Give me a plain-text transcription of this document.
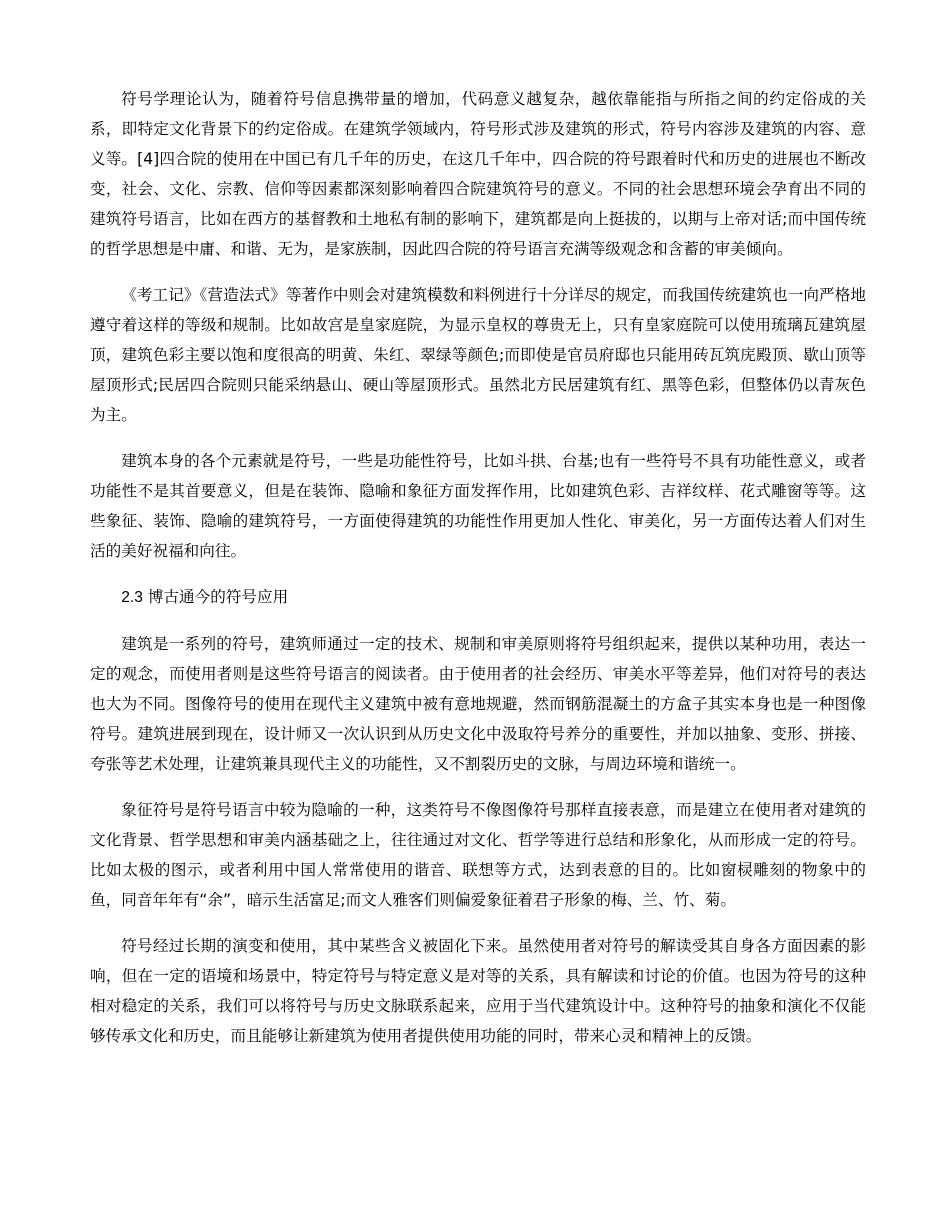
符号学理论认为，随着符号信息携带量的增加，代码意义越复杂，越依靠能指与所指之间的约定俗成的关系，即特定文化背景下的约定俗成。在建筑学领域内，符号形式涉及建筑的形式，符号内容涉及建筑的内容、意义等。[4]四合院的使用在中国已有几千年的历史，在这几千年中，四合院的符号跟着时代和历史的进展也不断改变，社会、文化、宗教、信仰等因素都深刻影响着四合院建筑符号的意义。不同的社会思想环境会孕育出不同的建筑符号语言，比如在西方的基督教和土地私有制的影响下，建筑都是向上挺拔的，以期与上帝对话;而中国传统的哲学思想是中庸、和谐、无为，是家族制，因此四合院的符号语言充满等级观念和含蓄的审美倾向。

《考工记》《营造法式》等著作中则会对建筑模数和料例进行十分详尽的规定，而我国传统建筑也一向严格地遵守着这样的等级和规制。比如故宫是皇家庭院，为显示皇权的尊贵无上，只有皇家庭院可以使用琉璃瓦建筑屋顶，建筑色彩主要以饱和度很高的明黄、朱红、翠绿等颜色;而即使是官员府邸也只能用砖瓦筑庑殿顶、歇山顶等屋顶形式;民居四合院则只能采纳悬山、硬山等屋顶形式。虽然北方民居建筑有红、黑等色彩，但整体仍以青灰色为主。

建筑本身的各个元素就是符号，一些是功能性符号，比如斗拱、台基;也有一些符号不具有功能性意义，或者功能性不是其首要意义，但是在装饰、隐喻和象征方面发挥作用，比如建筑色彩、吉祥纹样、花式雕窗等等。这些象征、装饰、隐喻的建筑符号，一方面使得建筑的功能性作用更加人性化、审美化，另一方面传达着人们对生活的美好祝福和向往。

2.3 博古通今的符号应用

建筑是一系列的符号，建筑师通过一定的技术、规制和审美原则将符号组织起来，提供以某种功用，表达一定的观念，而使用者则是这些符号语言的阅读者。由于使用者的社会经历、审美水平等差异，他们对符号的表达也大为不同。图像符号的使用在现代主义建筑中被有意地规避，然而钢筋混凝土的方盒子其实本身也是一种图像符号。建筑进展到现在，设计师又一次认识到从历史文化中汲取符号养分的重要性，并加以抽象、变形、拼接、夸张等艺术处理，让建筑兼具现代主义的功能性，又不割裂历史的文脉，与周边环境和谐统一。

象征符号是符号语言中较为隐喻的一种，这类符号不像图像符号那样直接表意，而是建立在使用者对建筑的文化背景、哲学思想和审美内涵基础之上，往往通过对文化、哲学等进行总结和形象化，从而形成一定的符号。比如太极的图示，或者利用中国人常常使用的谐音、联想等方式，达到表意的目的。比如窗棂雕刻的物象中的鱼，同音年年有“余”，暗示生活富足;而文人雅客们则偏爱象征着君子形象的梅、兰、竹、菊。

符号经过长期的演变和使用，其中某些含义被固化下来。虽然使用者对符号的解读受其自身各方面因素的影响，但在一定的语境和场景中，特定符号与特定意义是对等的关系，具有解读和讨论的价值。也因为符号的这种相对稳定的关系，我们可以将符号与历史文脉联系起来，应用于当代建筑设计中。这种符号的抽象和演化不仅能够传承文化和历史，而且能够让新建筑为使用者提供使用功能的同时，带来心灵和精神上的反馈。
